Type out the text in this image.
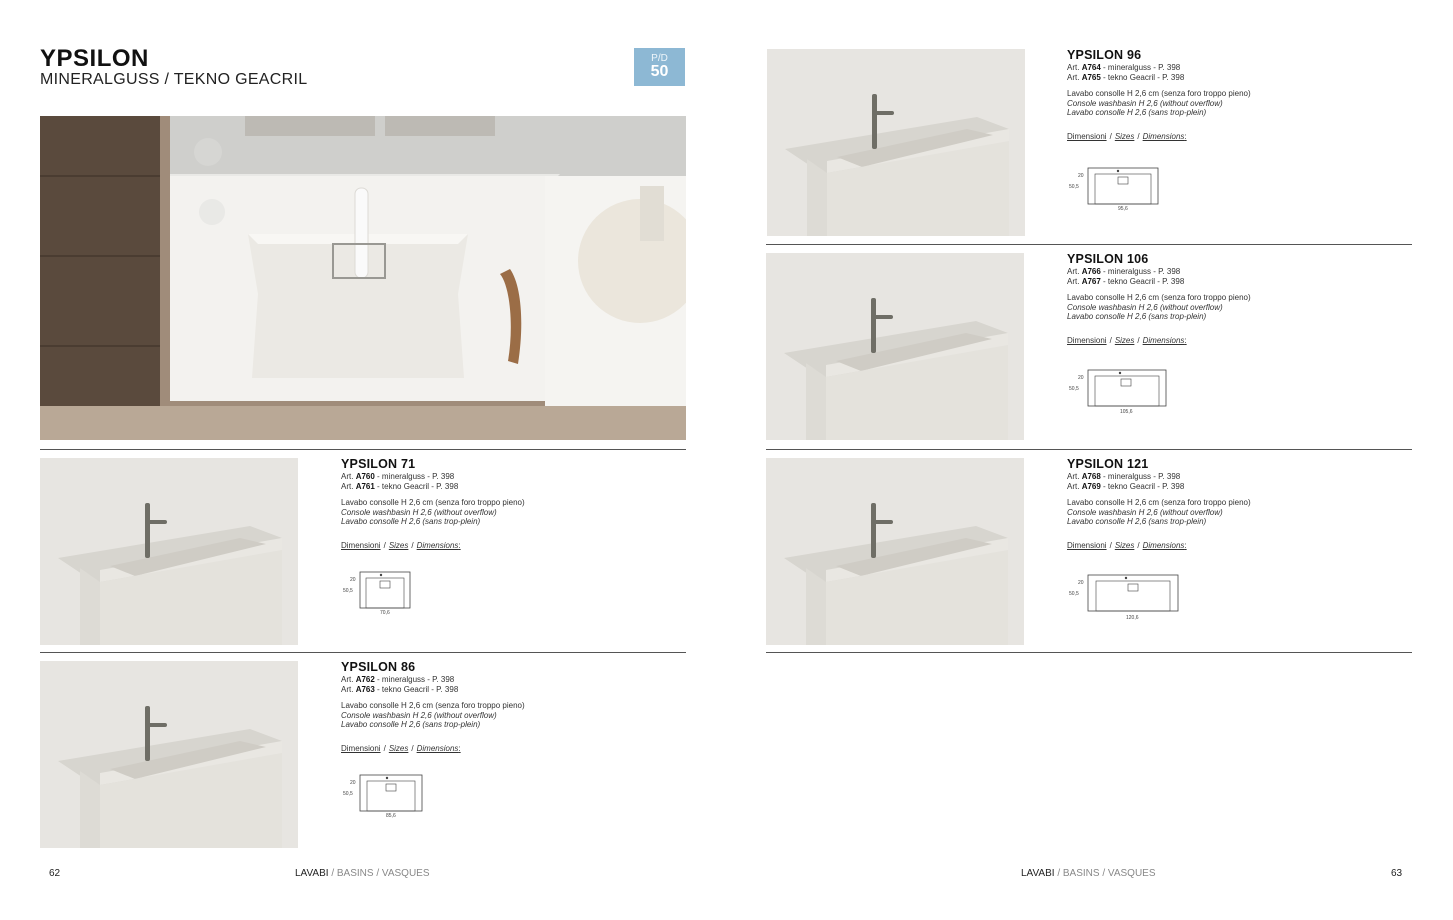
YPSILON
MINERALGUSS / TEKNO GEACRIL
P/D
50
YPSILON 71
Art. A760 - mineralguss - P. 398
Art. A761 - tekno Geacril - P. 398
Lavabo consolle H 2,6 cm (senza foro troppo pieno)
Console washbasin H 2,6 (without overflow)
Lavabo consolle H 2,6 (sans trop-plein)
Dimensioni / Sizes / Dimensions:
YPSILON 86
Art. A762 - mineralguss - P. 398
Art. A763 - tekno Geacril - P. 398
Lavabo consolle H 2,6 cm (senza foro troppo pieno)
Console washbasin H 2,6 (without overflow)
Lavabo consolle H 2,6 (sans trop-plein)
Dimensioni / Sizes / Dimensions:
YPSILON 96
Art. A764 - mineralguss - P. 398
Art. A765 - tekno Geacril - P. 398
Lavabo consolle H 2,6 cm (senza foro troppo pieno)
Console washbasin H 2,6 (without overflow)
Lavabo consolle H 2,6 (sans trop-plein)
Dimensioni / Sizes / Dimensions:
YPSILON 106
Art. A766 - mineralguss - P. 398
Art. A767 - tekno Geacril - P. 398
Lavabo consolle H 2,6 cm (senza foro troppo pieno)
Console washbasin H 2,6 (without overflow)
Lavabo consolle H 2,6 (sans trop-plein)
Dimensioni / Sizes / Dimensions:
YPSILON 121
Art. A768 - mineralguss - P. 398
Art. A769 - tekno Geacril - P. 398
Lavabo consolle H 2,6 cm (senza foro troppo pieno)
Console washbasin H 2,6 (without overflow)
Lavabo consolle H 2,6 (sans trop-plein)
Dimensioni / Sizes / Dimensions:
20
50,5
70,6
20
50,5
85,6
20
50,5
95,6
20
50,5
105,6
20
50,5
120,6
62	LAVABI / BASINS / VASQUES	LAVABI / BASINS / VASQUES	63
